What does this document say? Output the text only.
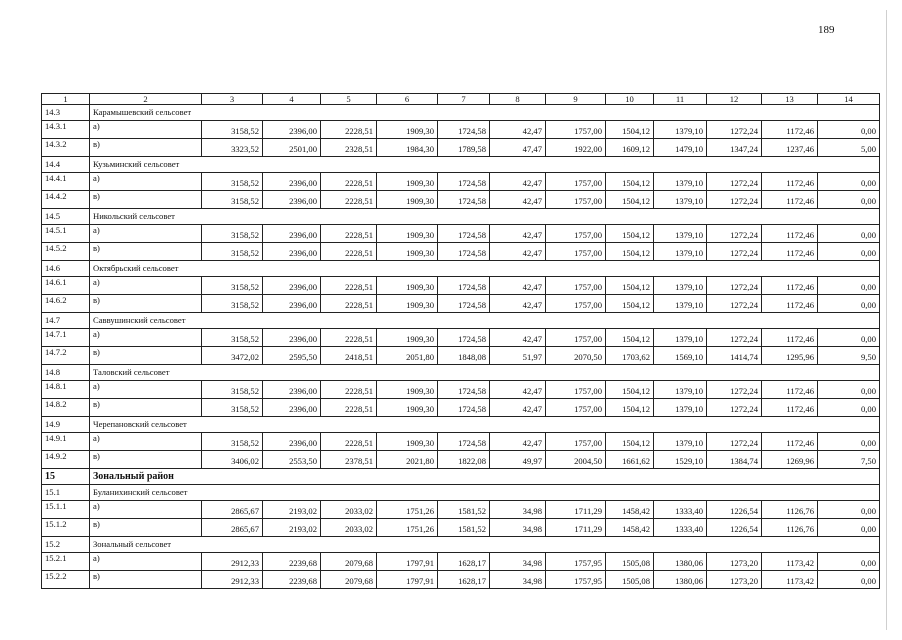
189
1	2	3	4	5	6	7	8	9	10	11	12	13	14
14.3	Карамышевский сельсовет												
14.3.1	а)	3158,52	2396,00	2228,51	1909,30	1724,58	42,47	1757,00	1504,12	1379,10	1272,24	1172,46	0,00
14.3.2	в)	3323,52	2501,00	2328,51	1984,30	1789,58	47,47	1922,00	1609,12	1479,10	1347,24	1237,46	5,00
14.4	Кузьминский сельсовет												
14.4.1	а)	3158,52	2396,00	2228,51	1909,30	1724,58	42,47	1757,00	1504,12	1379,10	1272,24	1172,46	0,00
14.4.2	в)	3158,52	2396,00	2228,51	1909,30	1724,58	42,47	1757,00	1504,12	1379,10	1272,24	1172,46	0,00
14.5	Никольский сельсовет												
14.5.1	а)	3158,52	2396,00	2228,51	1909,30	1724,58	42,47	1757,00	1504,12	1379,10	1272,24	1172,46	0,00
14.5.2	в)	3158,52	2396,00	2228,51	1909,30	1724,58	42,47	1757,00	1504,12	1379,10	1272,24	1172,46	0,00
14.6	Октябрьский сельсовет												
14.6.1	а)	3158,52	2396,00	2228,51	1909,30	1724,58	42,47	1757,00	1504,12	1379,10	1272,24	1172,46	0,00
14.6.2	в)	3158,52	2396,00	2228,51	1909,30	1724,58	42,47	1757,00	1504,12	1379,10	1272,24	1172,46	0,00
14.7	Саввушинский сельсовет												
14.7.1	а)	3158,52	2396,00	2228,51	1909,30	1724,58	42,47	1757,00	1504,12	1379,10	1272,24	1172,46	0,00
14.7.2	в)	3472,02	2595,50	2418,51	2051,80	1848,08	51,97	2070,50	1703,62	1569,10	1414,74	1295,96	9,50
14.8	Таловский сельсовет												
14.8.1	а)	3158,52	2396,00	2228,51	1909,30	1724,58	42,47	1757,00	1504,12	1379,10	1272,24	1172,46	0,00
14.8.2	в)	3158,52	2396,00	2228,51	1909,30	1724,58	42,47	1757,00	1504,12	1379,10	1272,24	1172,46	0,00
14.9	Черепановский сельсовет												
14.9.1	а)	3158,52	2396,00	2228,51	1909,30	1724,58	42,47	1757,00	1504,12	1379,10	1272,24	1172,46	0,00
14.9.2	в)	3406,02	2553,50	2378,51	2021,80	1822,08	49,97	2004,50	1661,62	1529,10	1384,74	1269,96	7,50
15	Зональный район												
15.1	Буланихинский сельсовет												
15.1.1	а)	2865,67	2193,02	2033,02	1751,26	1581,52	34,98	1711,29	1458,42	1333,40	1226,54	1126,76	0,00
15.1.2	в)	2865,67	2193,02	2033,02	1751,26	1581,52	34,98	1711,29	1458,42	1333,40	1226,54	1126,76	0,00
15.2	Зональный сельсовет												
15.2.1	а)	2912,33	2239,68	2079,68	1797,91	1628,17	34,98	1757,95	1505,08	1380,06	1273,20	1173,42	0,00
15.2.2	в)	2912,33	2239,68	2079,68	1797,91	1628,17	34,98	1757,95	1505,08	1380,06	1273,20	1173,42	0,00
